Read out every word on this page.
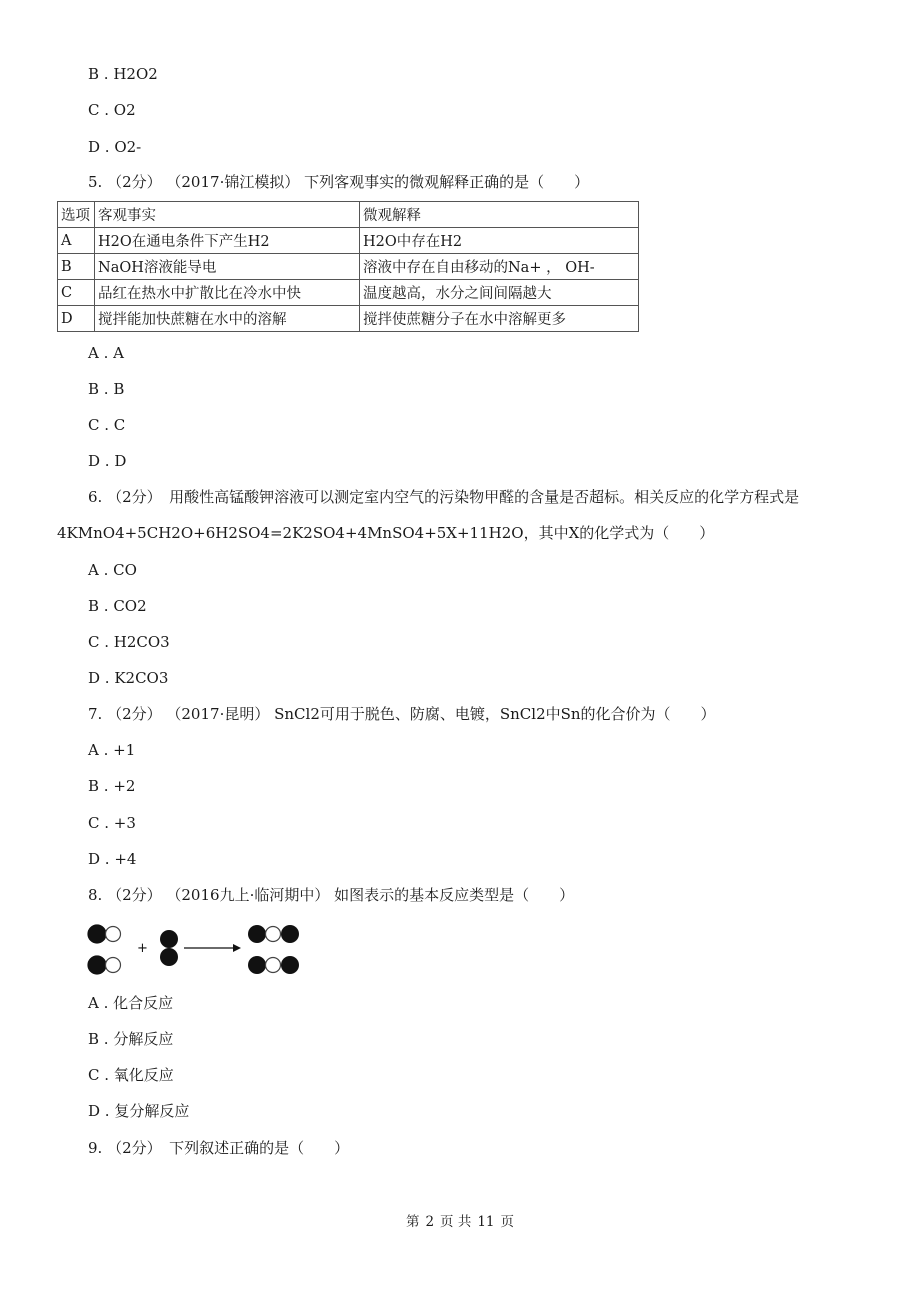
B . H2O2
C . O2
D . O2-
5. （2分） （2017·锦江模拟） 下列客观事实的微观解释正确的是（　　）
选项	客观事实	微观解释
A	H2O在通电条件下产生H2	H2O中存在H2
B	NaOH溶液能导电	溶液中存在自由移动的Na+ ， OH-
C	品红在热水中扩散比在冷水中快	温度越高，水分之间间隔越大
D	搅拌能加快蔗糖在水中的溶解	搅拌使蔗糖分子在水中溶解更多
A . A
B . B
C . C
D . D
6. （2分）　用酸性高锰酸钾溶液可以测定室内空气的污染物甲醛的含量是否超标。相关反应的化学方程式是
4KMnO4+5CH2O+6H2SO4=2K2SO4+4MnSO4+5X+11H2O，其中X的化学式为（　　）
A . CO
B . CO2
C . H2CO3
D . K2CO3
7. （2分） （2017·昆明） SnCl2可用于脱色、防腐、电镀，SnCl2中Sn的化合价为（　　）
A . +1
B . +2
C . +3
D . +4
8. （2分） （2016九上·临河期中） 如图表示的基本反应类型是（　　）
+
A . 化合反应
B . 分解反应
C . 氧化反应
D . 复分解反应
9. （2分）　下列叙述正确的是（　　）
第 2 页 共 11 页
